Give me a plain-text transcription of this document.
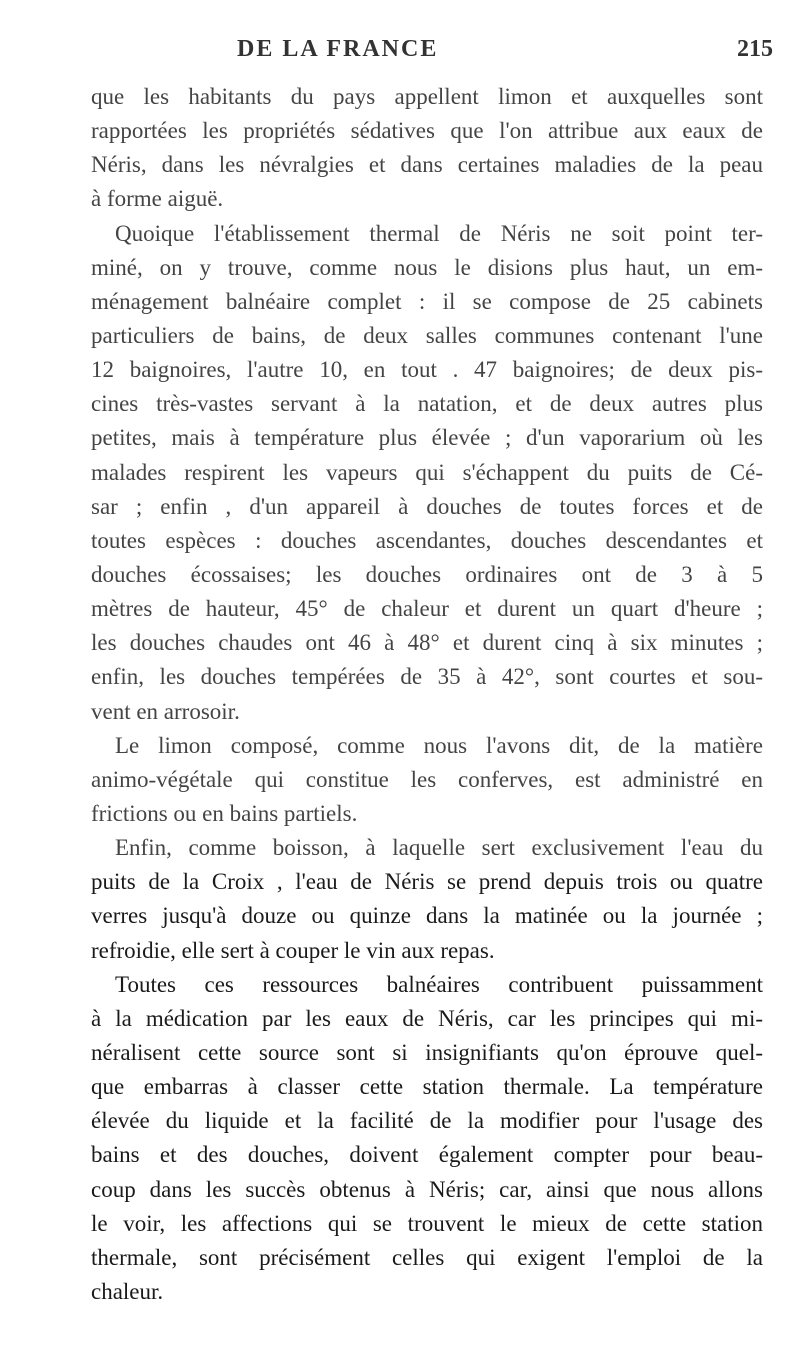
DE LA FRANCE	215
que les habitants du pays appellent limon et auxquelles sont
rapportées les propriétés sédatives que l'on attribue aux eaux de
Néris, dans les névralgies et dans certaines maladies de la peau
à forme aiguë.
Quoique l'établissement thermal de Néris ne soit point ter-
miné, on y trouve, comme nous le disions plus haut, un em-
ménagement balnéaire complet : il se compose de 25 cabinets
particuliers de bains, de deux salles communes contenant l'une
12 baignoires, l'autre 10, en tout . 47 baignoires; de deux pis-
cines très-vastes servant à la natation, et de deux autres plus
petites, mais à température plus élevée ; d'un vaporarium où les
malades respirent les vapeurs qui s'échappent du puits de Cé-
sar ; enfin , d'un appareil à douches de toutes forces et de
toutes espèces : douches ascendantes, douches descendantes et
douches écossaises; les douches ordinaires ont de 3 à 5
mètres de hauteur, 45° de chaleur et durent un quart d'heure ;
les douches chaudes ont 46 à 48° et durent cinq à six minutes ;
enfin, les douches tempérées de 35 à 42°, sont courtes et sou-
vent en arrosoir.
Le limon composé, comme nous l'avons dit, de la matière
animo-végétale qui constitue les conferves, est administré en
frictions ou en bains partiels.
Enfin, comme boisson, à laquelle sert exclusivement l'eau du
puits de la Croix , l'eau de Néris se prend depuis trois ou quatre
verres jusqu'à douze ou quinze dans la matinée ou la journée ;
refroidie, elle sert à couper le vin aux repas.
Toutes ces ressources balnéaires contribuent puissamment
à la médication par les eaux de Néris, car les principes qui mi-
néralisent cette source sont si insignifiants qu'on éprouve quel-
que embarras à classer cette station thermale. La température
élevée du liquide et la facilité de la modifier pour l'usage des
bains et des douches, doivent également compter pour beau-
coup dans les succès obtenus à Néris; car, ainsi que nous allons
le voir, les affections qui se trouvent le mieux de cette station
thermale, sont précisément celles qui exigent l'emploi de la
chaleur.
